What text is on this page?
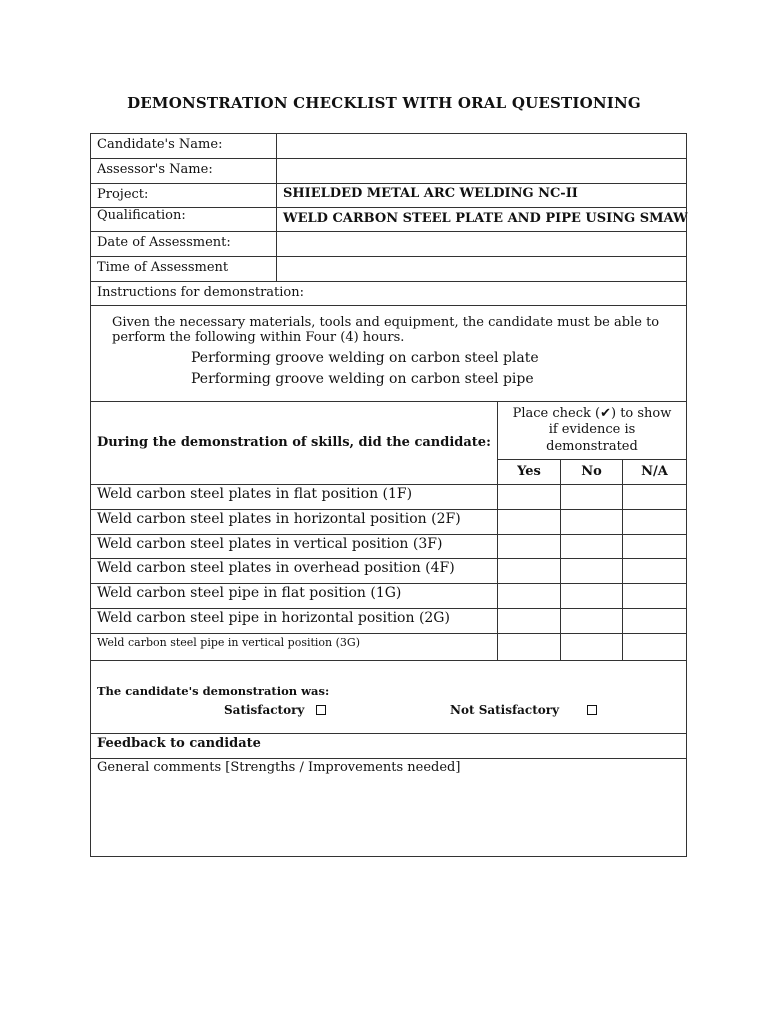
DEMONSTRATION CHECKLIST WITH ORAL QUESTIONING
Candidate's Name:
Assessor's Name:
Project:	SHIELDED METAL ARC WELDING NC-II
Qualification:	WELD CARBON STEEL PLATE AND PIPE USING SMAW
Date of Assessment:
Time of Assessment
Instructions for demonstration:
Given the necessary materials, tools and equipment, the candidate must be able to
perform the following within Four (4) hours.
Performing groove welding on carbon steel plate
Performing groove welding on carbon steel pipe
During the demonstration of skills, did the candidate:
Place check (✔) to show
if evidence is
demonstrated
Yes	No	N/A
Weld carbon steel plates in flat position (1F)
Weld carbon steel plates in horizontal position (2F)
Weld carbon steel plates in vertical position (3F)
Weld carbon steel plates in overhead position (4F)
Weld carbon steel pipe in flat position (1G)
Weld carbon steel pipe in horizontal position (2G)
Weld carbon steel pipe in vertical position (3G)
The candidate's demonstration was:
Satisfactory	Not Satisfactory
Feedback to candidate
General comments [Strengths / Improvements needed]
